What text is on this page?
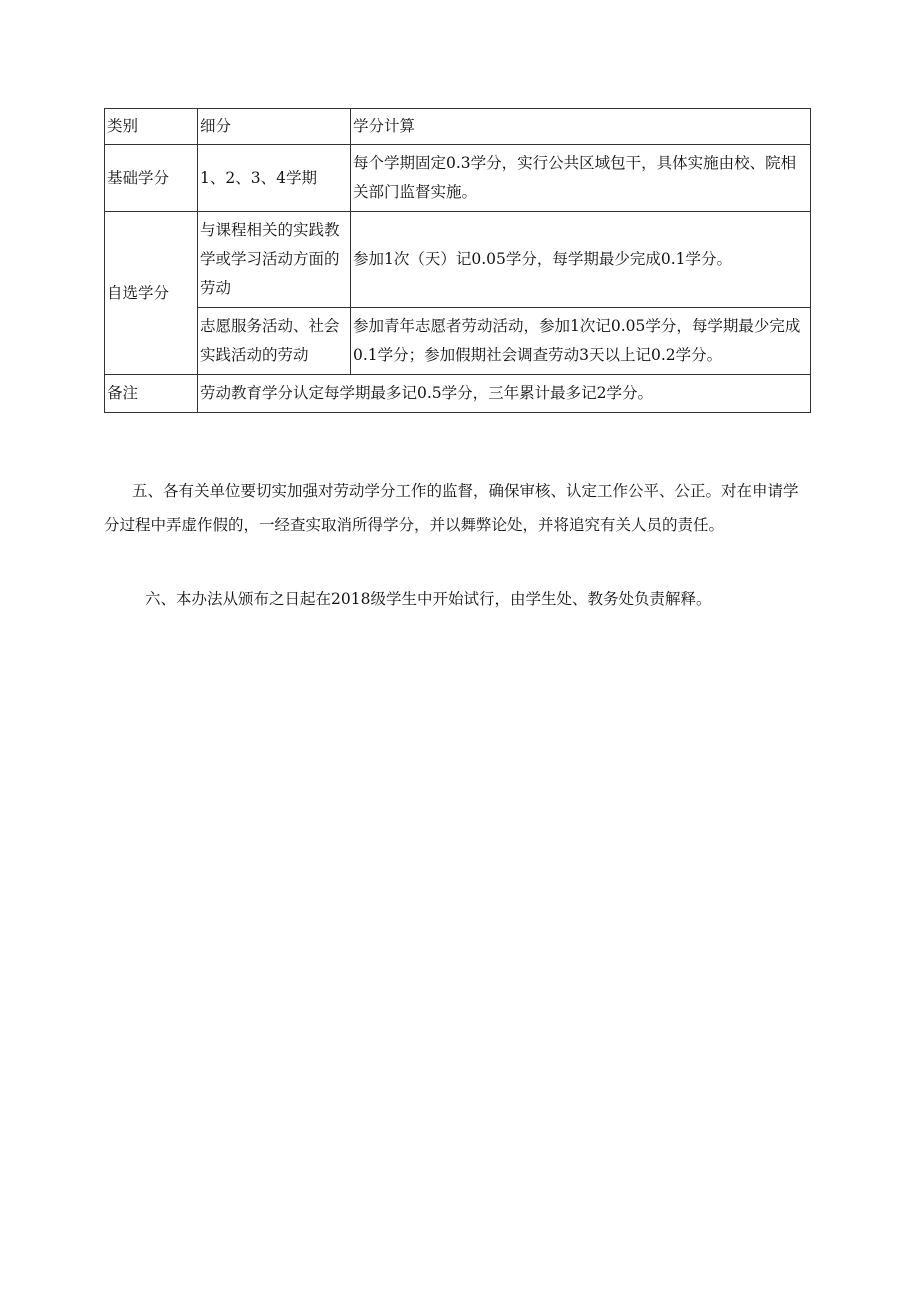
类别	细分	学分计算
基础学分	1、2、3、4学期	每个学期固定0.3学分，实行公共区域包干，具体实施由校、院相关部门监督实施。
自选学分	与课程相关的实践教学或学习活动方面的劳动	参加1次（天）记0.05学分，每学期最少完成0.1学分。
	志愿服务活动、社会实践活动的劳动	参加青年志愿者劳动活动，参加1次记0.05学分，每学期最少完成0.1学分；参加假期社会调查劳动3天以上记0.2学分。
备注	劳动教育学分认定每学期最多记0.5学分，三年累计最多记2学分。	

五、各有关单位要切实加强对劳动学分工作的监督，确保审核、认定工作公平、公正。对在申请学分过程中弄虚作假的，一经查实取消所得学分，并以舞弊论处，并将追究有关人员的责任。

六、本办法从颁布之日起在2018级学生中开始试行，由学生处、教务处负责解释。
